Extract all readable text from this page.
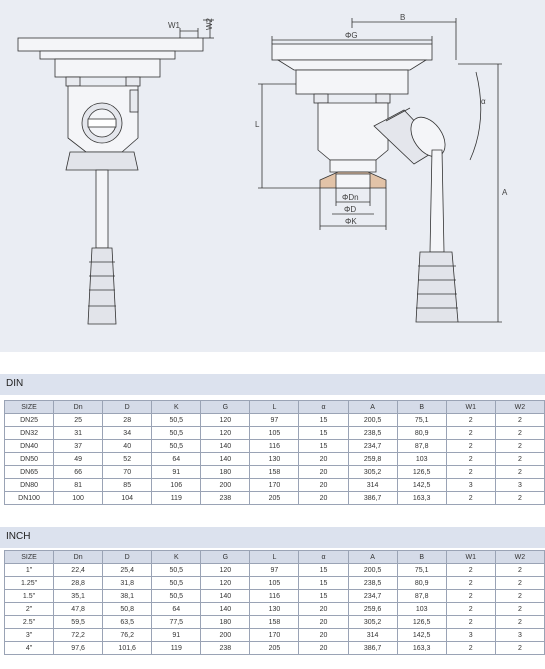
W1	W2
B
ΦG
α
L
A
ΦDn
ΦD
ΦK
DIN
SIZE	Dn	D	K	G	L	α	A	B	W1	W2
DN25	25	28	50,5	120	97	15	200,5	75,1	2	2
DN32	31	34	50,5	120	105	15	238,5	80,9	2	2
DN40	37	40	50,5	140	116	15	234,7	87,8	2	2
DN50	49	52	64	140	130	20	259,8	103	2	2
DN65	66	70	91	180	158	20	305,2	126,5	2	2
DN80	81	85	106	200	170	20	314	142,5	3	3
DN100	100	104	119	238	205	20	386,7	163,3	2	2
INCH
SIZE	Dn	D	K	G	L	α	A	B	W1	W2
1"	22,4	25,4	50,5	120	97	15	200,5	75,1	2	2
1.25"	28,8	31,8	50,5	120	105	15	238,5	80,9	2	2
1.5"	35,1	38,1	50,5	140	116	15	234,7	87,8	2	2
2"	47,8	50,8	64	140	130	20	259,6	103	2	2
2.5"	59,5	63,5	77,5	180	158	20	305,2	126,5	2	2
3"	72,2	76,2	91	200	170	20	314	142,5	3	3
4"	97,6	101,6	119	238	205	20	386,7	163,3	2	2
